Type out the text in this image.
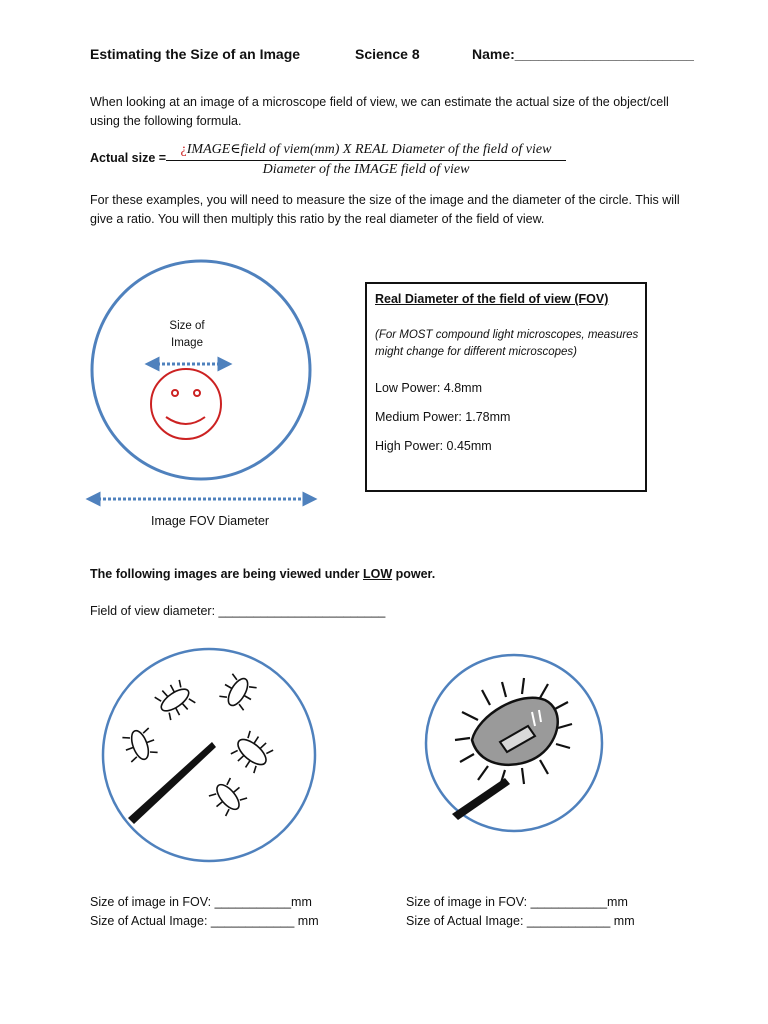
Estimating the Size of an Image	Science 8	Name:_______________________
When looking at an image of a microscope field of view, we can estimate the actual size of the object/cell using the following formula.
Actual size =
¿IMAGE∈field of viem(mm) X REAL Diameter of the field of view
Diameter of the IMAGE field of view
For these examples, you will need to measure the size of the image and the diameter of the circle. This will give a ratio. You will then multiply this ratio by the real diameter of the field of view.
Size of
Image
Image FOV Diameter
Real Diameter of the field of view (FOV)
(For MOST compound light microscopes, measures might change for different microscopes)
Low Power: 4.8mm
Medium Power: 1.78mm
High Power: 0.45mm
The following images are being viewed under LOW power.
Field of view diameter: ________________________
Size of image in FOV: ___________mm
Size of Actual Image: ____________ mm
Size of image in FOV: ___________mm
Size of Actual Image: ____________ mm
